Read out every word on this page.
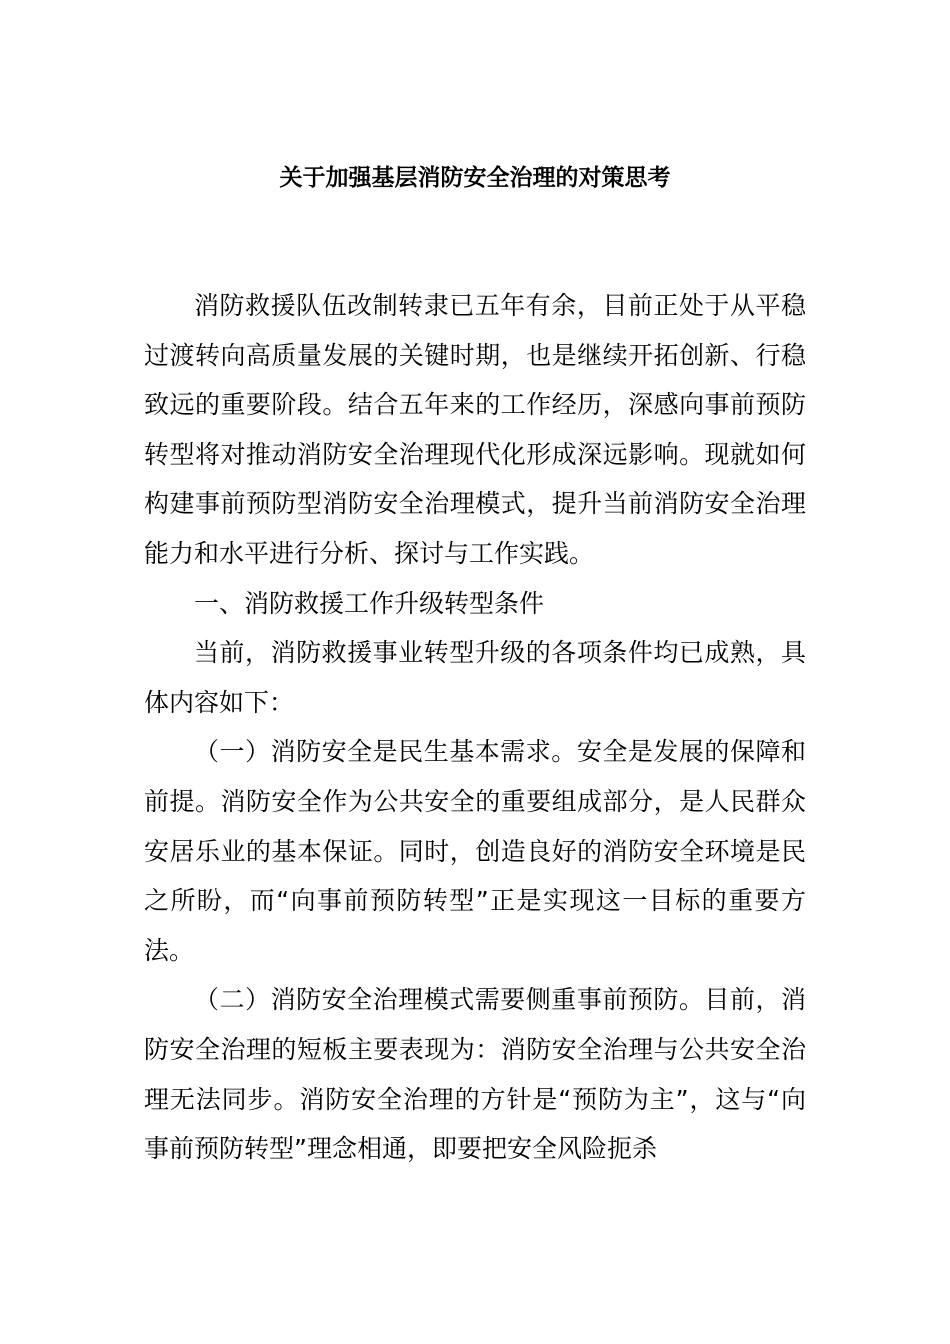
关于加强基层消防安全治理的对策思考

消防救援队伍改制转隶已五年有余，目前正处于从平稳过渡转向高质量发展的关键时期，也是继续开拓创新、行稳致远的重要阶段。结合五年来的工作经历，深感向事前预防转型将对推动消防安全治理现代化形成深远影响。现就如何构建事前预防型消防安全治理模式，提升当前消防安全治理能力和水平进行分析、探讨与工作实践。

一、消防救援工作升级转型条件

当前，消防救援事业转型升级的各项条件均已成熟，具体内容如下：

（一）消防安全是民生基本需求。安全是发展的保障和前提。消防安全作为公共安全的重要组成部分，是人民群众安居乐业的基本保证。同时，创造良好的消防安全环境是民之所盼，而“向事前预防转型”正是实现这一目标的重要方法。

（二）消防安全治理模式需要侧重事前预防。目前，消防安全治理的短板主要表现为：消防安全治理与公共安全治理无法同步。消防安全治理的方针是“预防为主”，这与“向事前预防转型”理念相通，即要把安全风险扼杀
